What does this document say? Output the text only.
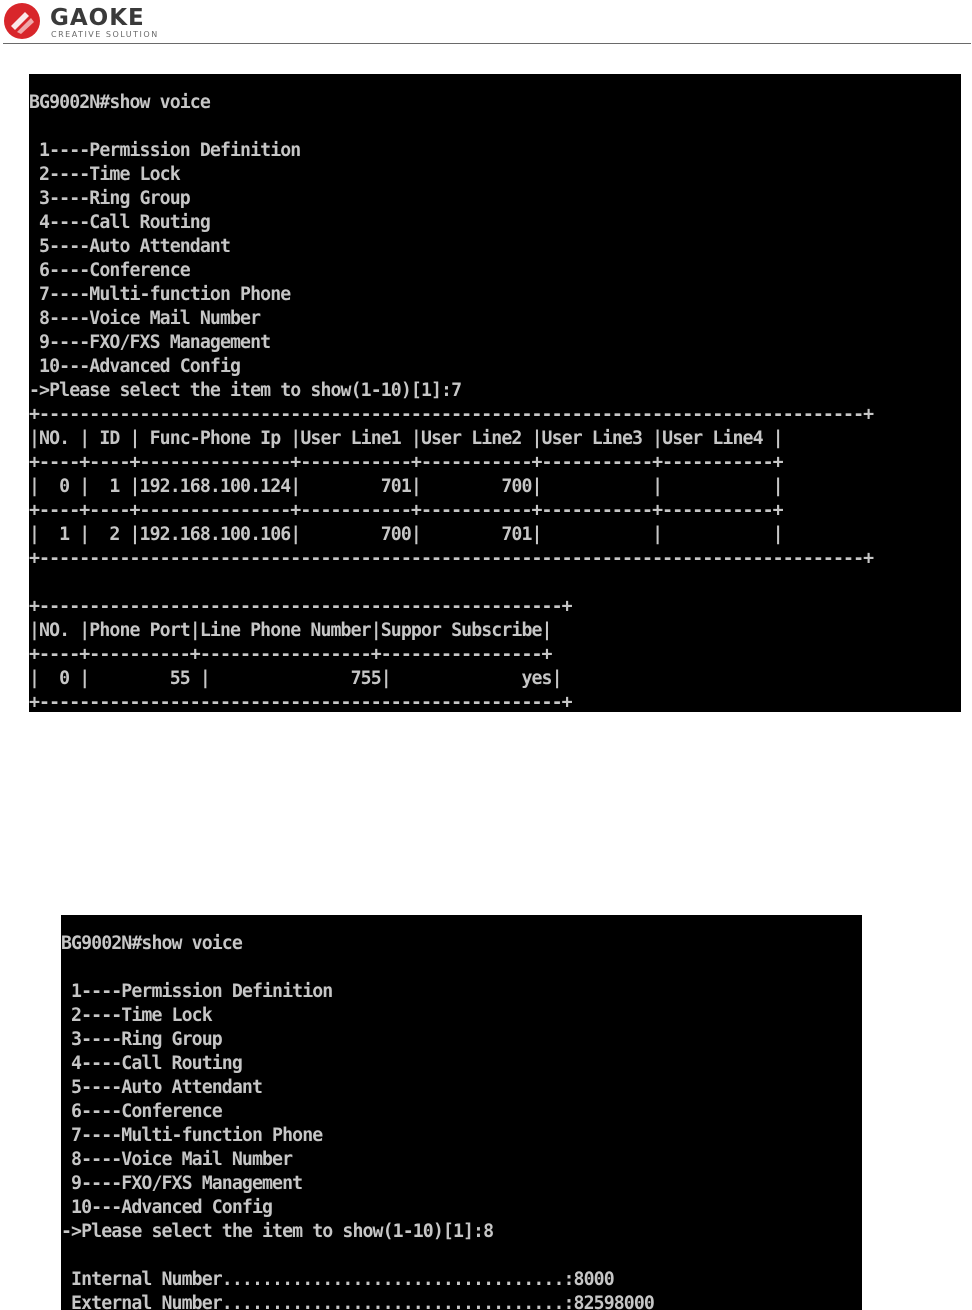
GAOKE
CREATIVE SOLUTION
BG9002N#show voice
1----Permission Definition
2----Time Lock
3----Ring Group
4----Call Routing
5----Auto Attendant
6----Conference
7----Multi-function Phone
8----Voice Mail Number
9----FXO/FXS Management
10---Advanced Config
->Please select the item to show(1-10)[1]:7
+----------------------------------------------------------------------------------+
|NO. | ID | Func-Phone Ip |User Line1 |User Line2 |User Line3 |User Line4 |
+----+----+---------------+-----------+-----------+-----------+-----------+
|  0 |  1 |192.168.100.124|        701|        700|           |           |
+----+----+---------------+-----------+-----------+-----------+-----------+
|  1 |  2 |192.168.100.106|        700|        701|           |           |
+----------------------------------------------------------------------------------+
+----------------------------------------------------+
|NO. |Phone Port|Line Phone Number|Suppor Subscribe|
+----+----------+-----------------+----------------+
|  0 |        55 |              755|             yes|
+----------------------------------------------------+
BG9002N#show voice
1----Permission Definition
2----Time Lock
3----Ring Group
4----Call Routing
5----Auto Attendant
6----Conference
7----Multi-function Phone
8----Voice Mail Number
9----FXO/FXS Management
10---Advanced Config
->Please select the item to show(1-10)[1]:8
Internal Number..................................:8000
External Number..................................:82598000
